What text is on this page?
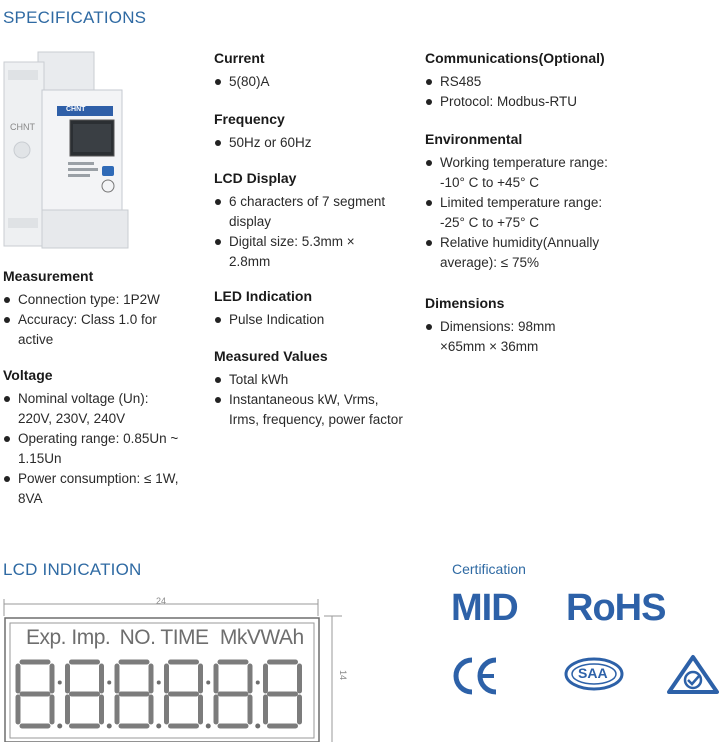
SPECIFICATIONS
CHNT
CHNT
Measurement
Connection type: 1P2W
Accuracy: Class 1.0 for active
Voltage
Nominal voltage (Un): 220V, 230V, 240V
Operating range: 0.85Un ~ 1.15Un
Power consumption: ≤ 1W, 8VA
Current
5(80)A
Frequency
50Hz or 60Hz
LCD Display
6 characters of 7 segment display
Digital size: 5.3mm × 2.8mm
LED Indication
Pulse Indication
Measured Values
Total kWh
Instantaneous kW, Vrms, Irms, frequency, power factor
Communications(Optional)
RS485
Protocol: Modbus-RTU
Environmental
Working temperature range: -10° C to +45° C
Limited temperature range: -25° C to +75° C
Relative humidity(Annually average): ≤ 75%
Dimensions
Dimensions: 98mm ×65mm × 36mm
LCD INDICATION
24
14
Exp. Imp. NO. TIME MkVWAh
Certification
MID RoHS
SAA
